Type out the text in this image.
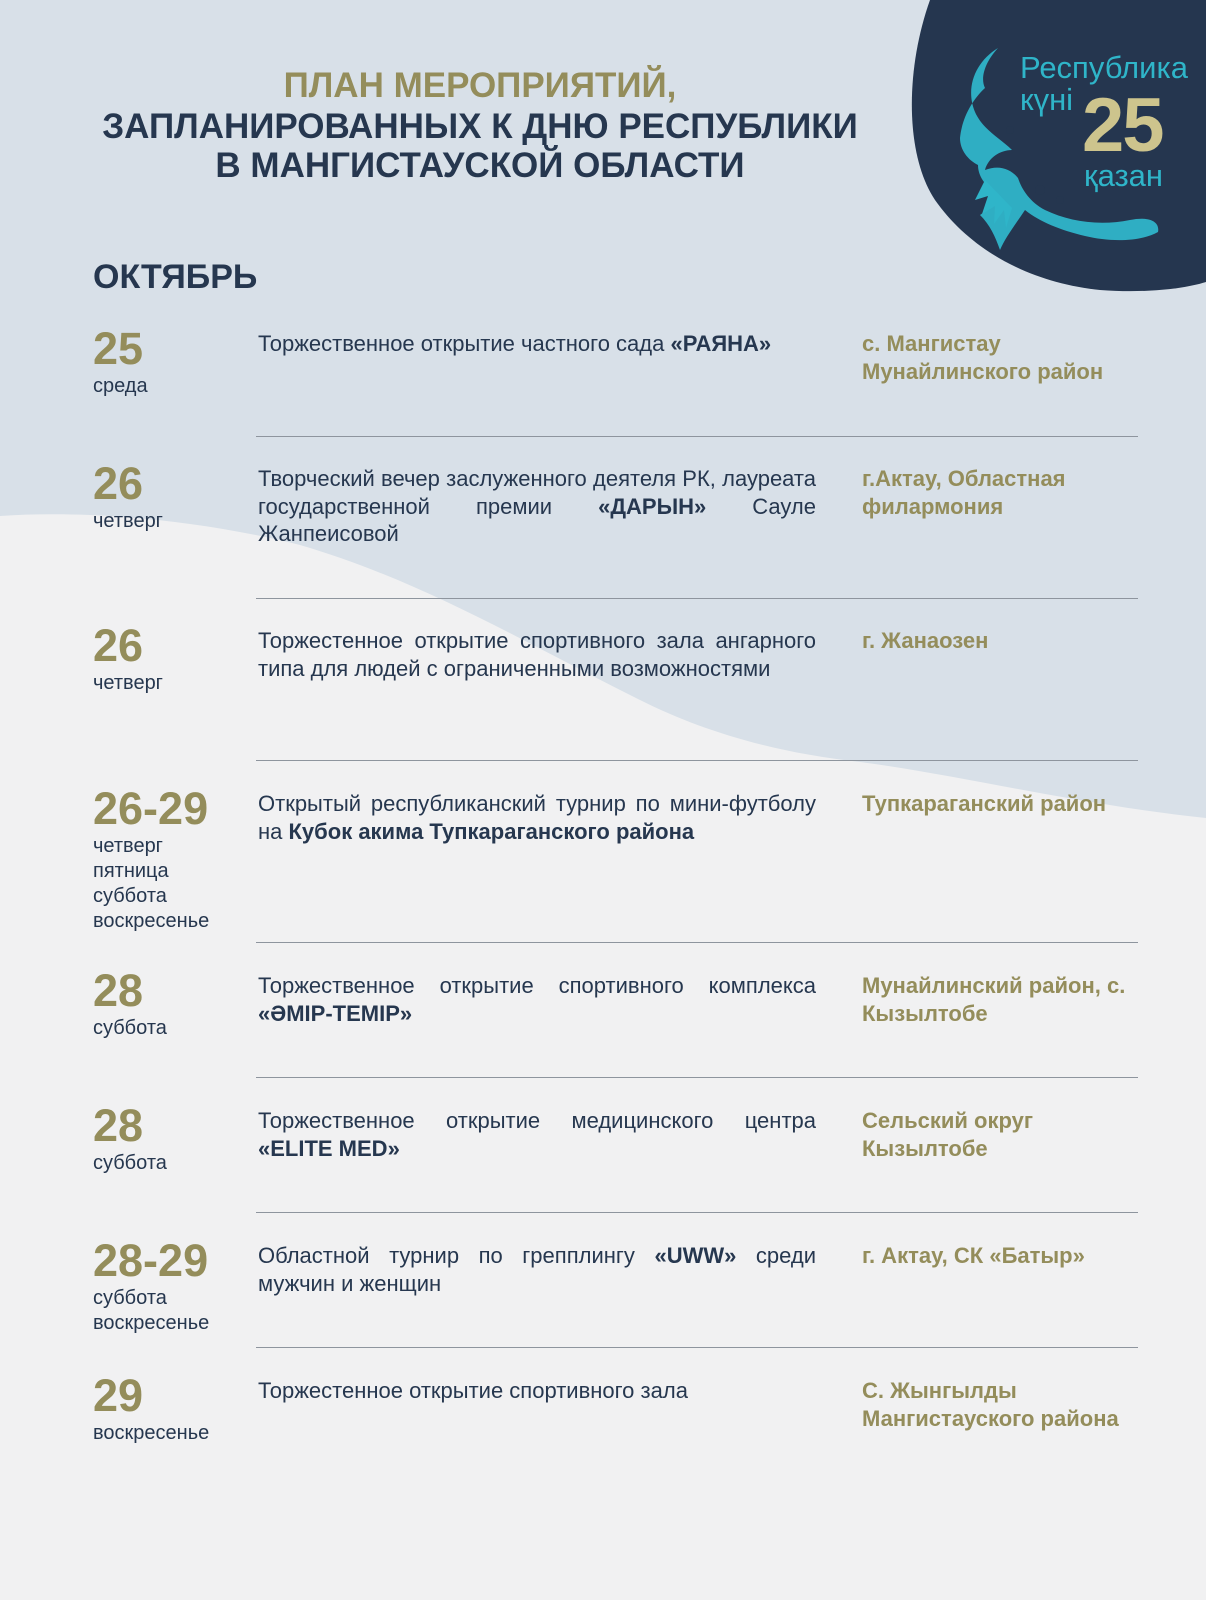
Республика
күні 25
қазан
ПЛАН МЕРОПРИЯТИЙ,
ЗАПЛАНИРОВАННЫХ К ДНЮ РЕСПУБЛИКИ
В МАНГИСТАУСКОЙ ОБЛАСТИ
ОКТЯБРЬ
25
среда
Торжественное открытие частного сада «РАЯНА»	с. Мангистау Мунайлинского район
26
четверг
Творческий вечер заслуженного деятеля РК, лауреата государственной премии «ДАРЫН» Сауле Жанпеисовой
г.Актау, Областная филармония
26
четверг
Торжестенное открытие спортивного зала ангарного типа для людей с ограниченными возможностями
г. Жанаозен
26-29
четверг
пятница
суббота
воскресенье
Открытый республиканский турнир по мини-футболу на Кубок акима Тупкараганского района
Тупкараганский район
28
суббота
Торжественное открытие спортивного комплекса «ӘМІР-ТЕМІР»
Мунайлинский район, с. Кызылтобе
28
суббота
Торжественное открытие медицинского центра «ELITE MED»
Сельский округ Кызылтобе
28-29
суббота
воскресенье
Областной турнир по грепплингу «UWW» среди мужчин и женщин
г. Актау, СК «Батыр»
29
воскресенье
Торжестенное открытие спортивного зала	С. Жынгылды Мангистауского района
